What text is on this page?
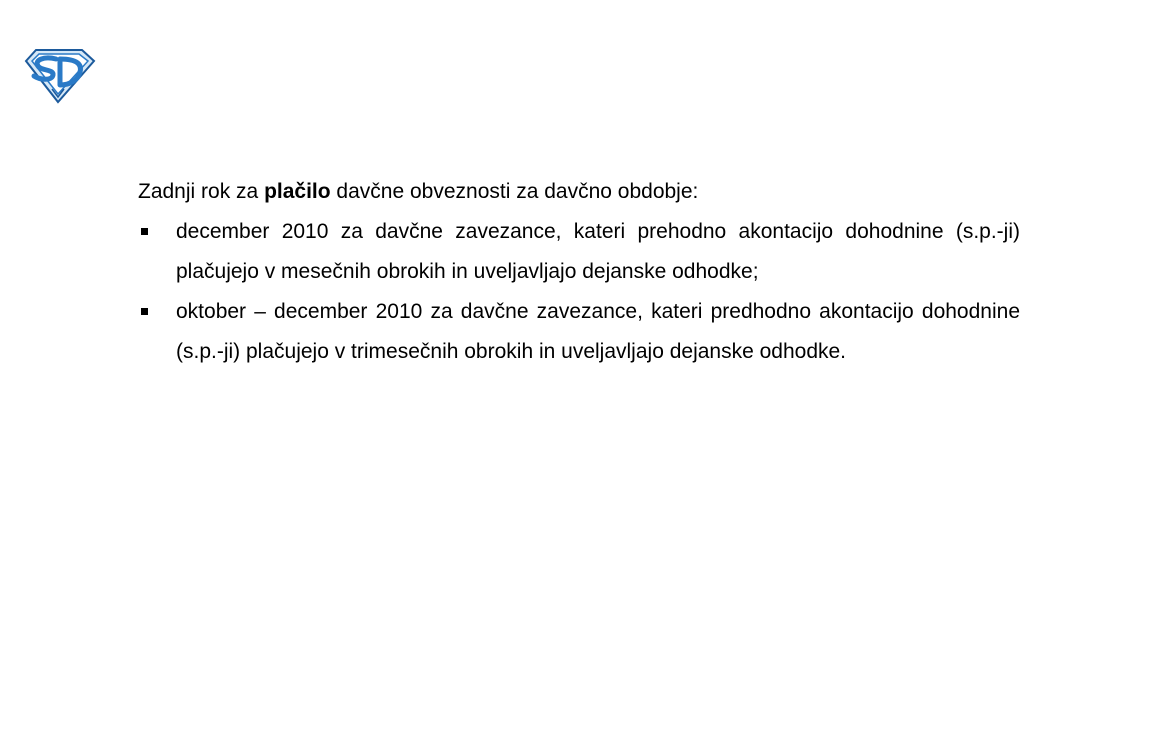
Zadnji rok za plačilo davčne obveznosti za davčno obdobje:

december 2010 za davčne zavezance, kateri prehodno akontacijo dohodnine (s.p.-ji) plačujejo v mesečnih obrokih in uveljavljajo dejanske odhodke;
oktober – december 2010 za davčne zavezance, kateri predhodno akontacijo dohodnine (s.p.-ji) plačujejo v trimesečnih obrokih in uveljavljajo dejanske odhodke.
